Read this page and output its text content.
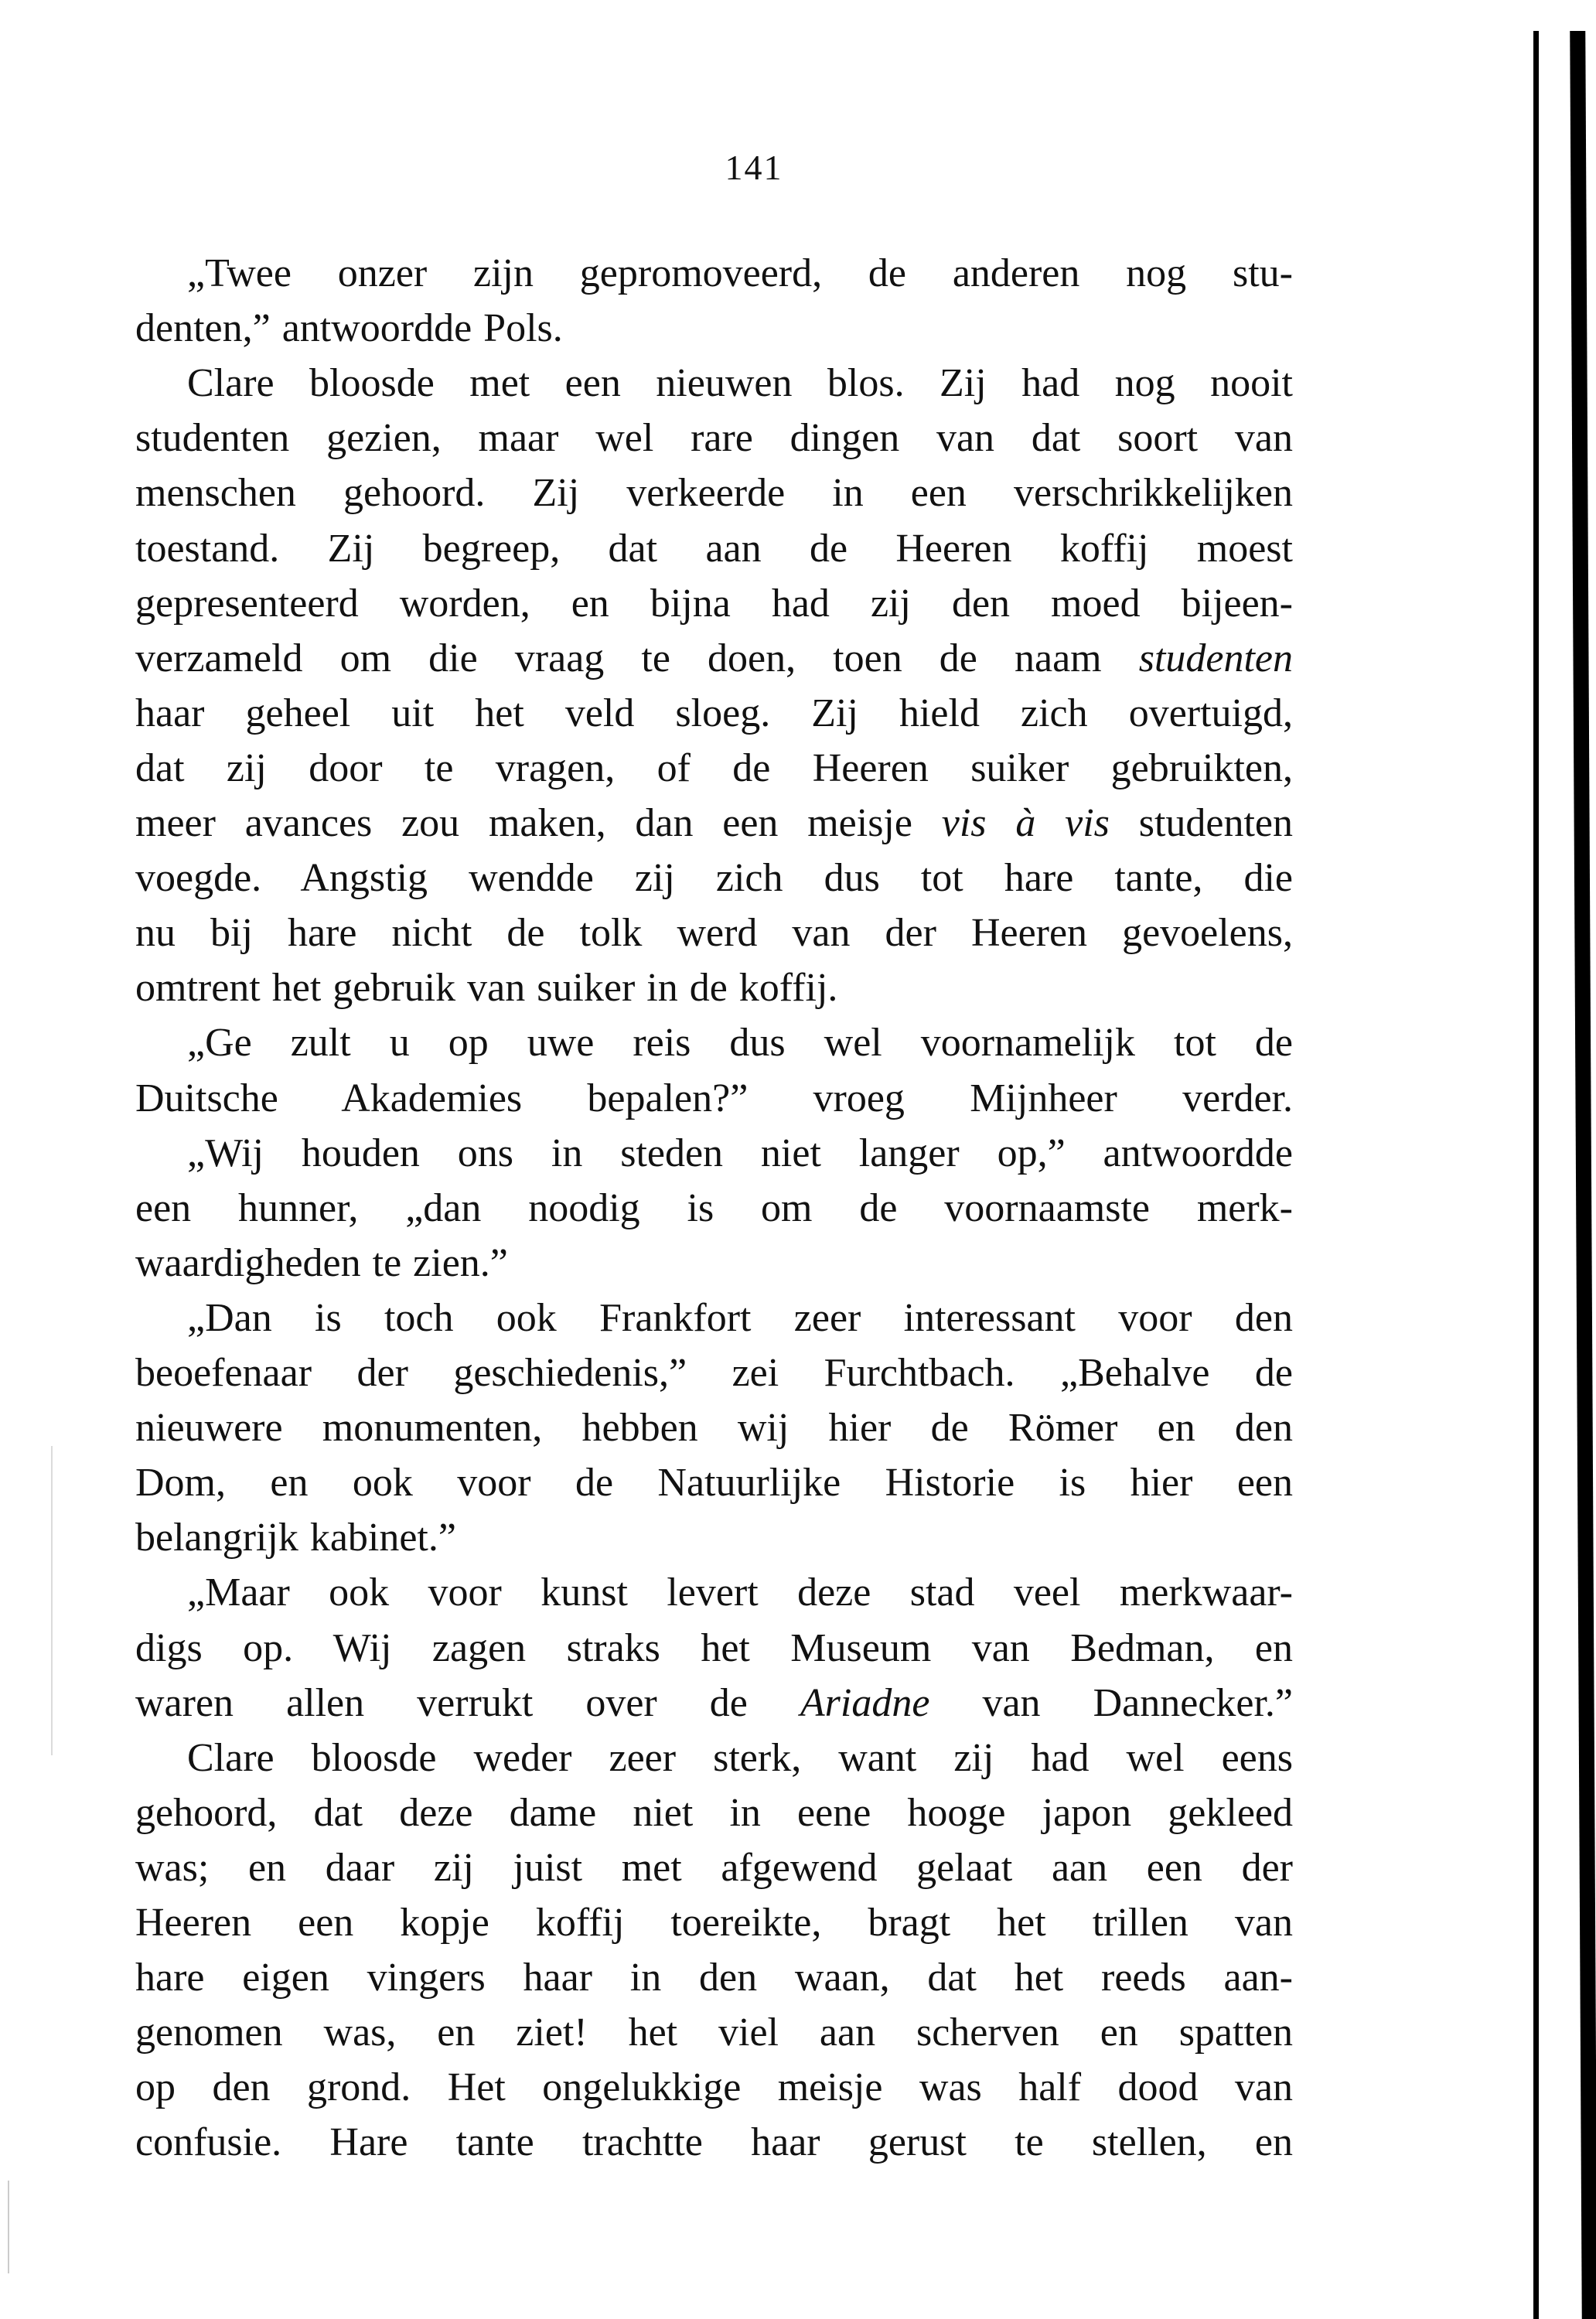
141
„Twee onzer zijn gepromoveerd, de anderen nog stu-
denten,” antwoordde Pols.
Clare bloosde met een nieuwen blos. Zij had nog nooit
studenten gezien, maar wel rare dingen van dat soort van
menschen gehoord. Zij verkeerde in een verschrikkelijken
toestand. Zij begreep, dat aan de Heeren koffij moest
gepresenteerd worden, en bijna had zij den moed bijeen-
verzameld om die vraag te doen, toen de naam studenten
haar geheel uit het veld sloeg. Zij hield zich overtuigd,
dat zij door te vragen, of de Heeren suiker gebruikten,
meer avances zou maken, dan een meisje vis à vis studenten
voegde. Angstig wendde zij zich dus tot hare tante, die
nu bij hare nicht de tolk werd van der Heeren gevoelens,
omtrent het gebruik van suiker in de koffij.
„Ge zult u op uwe reis dus wel voornamelijk tot de
Duitsche Akademies bepalen?” vroeg Mijnheer verder.
„Wij houden ons in steden niet langer op,” antwoordde
een hunner, „dan noodig is om de voornaamste merk-
waardigheden te zien.”
„Dan is toch ook Frankfort zeer interessant voor den
beoefenaar der geschiedenis,” zei Furchtbach. „Behalve de
nieuwere monumenten, hebben wij hier de Römer en den
Dom, en ook voor de Natuurlijke Historie is hier een
belangrijk kabinet.”
„Maar ook voor kunst levert deze stad veel merkwaar-
digs op. Wij zagen straks het Museum van Bedman, en
waren allen verrukt over de Ariadne van Dannecker.”
Clare bloosde weder zeer sterk, want zij had wel eens
gehoord, dat deze dame niet in eene hooge japon gekleed
was; en daar zij juist met afgewend gelaat aan een der
Heeren een kopje koffij toereikte, bragt het trillen van
hare eigen vingers haar in den waan, dat het reeds aan-
genomen was, en ziet! het viel aan scherven en spatten
op den grond. Het ongelukkige meisje was half dood van
confusie. Hare tante trachtte haar gerust te stellen, en
